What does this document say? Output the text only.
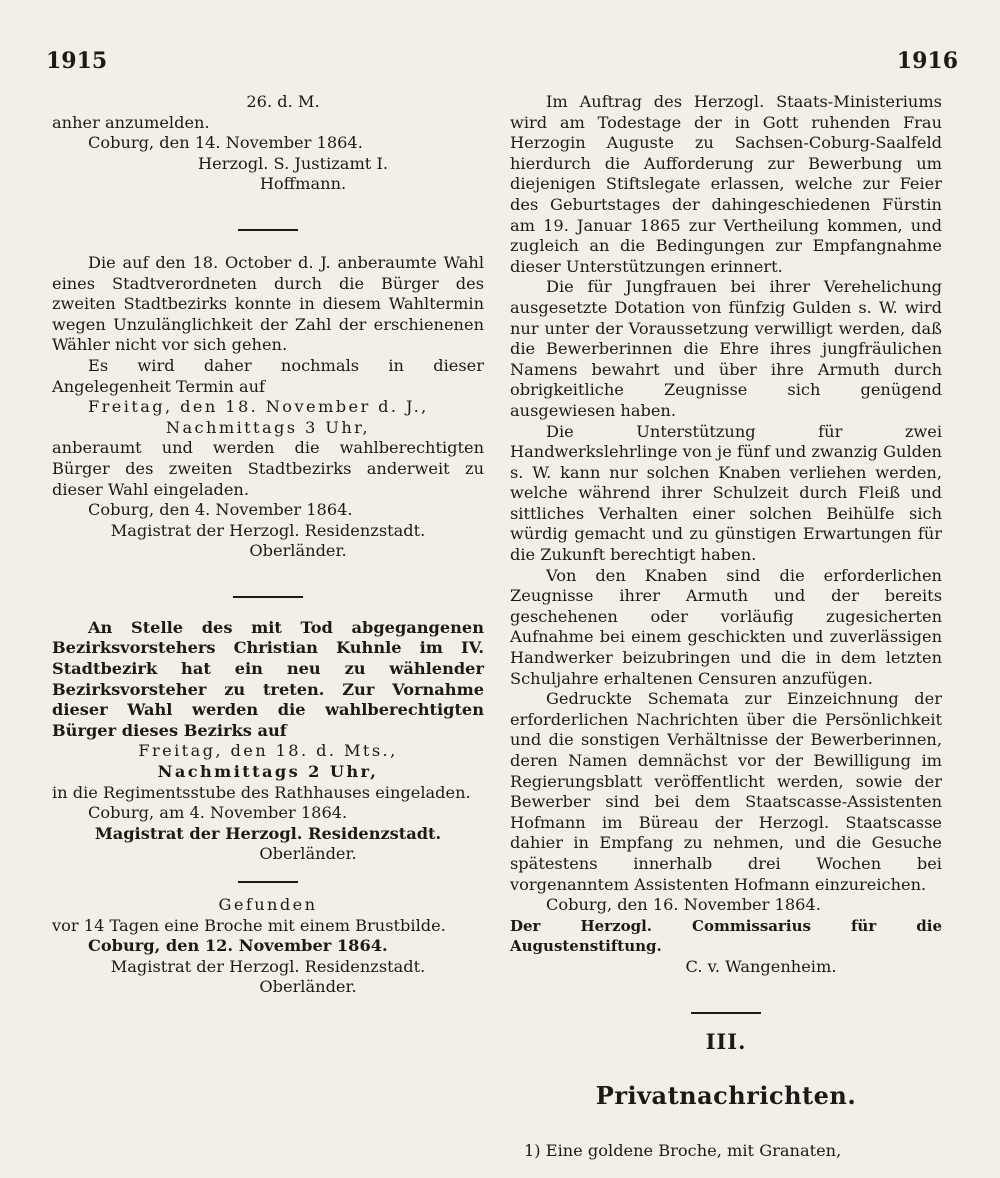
1915	1916

26. d. M.

anher anzumelden.

Coburg, den 14. November 1864.

Herzogl. S. Justizamt I.

Hoffmann.

Die auf den 18. October d. J. anberaumte Wahl eines Stadtverordneten durch die Bürger des zweiten Stadtbezirks konnte in diesem Wahltermin wegen Unzulänglichkeit der Zahl der erschienenen Wähler nicht vor sich gehen.

Es wird daher nochmals in dieser Angelegenheit Termin auf

Freitag, den 18. November d. J.,

Nachmittags 3 Uhr,

anberaumt und werden die wahlberechtigten Bürger des zweiten Stadtbezirks anderweit zu dieser Wahl eingeladen.

Coburg, den 4. November 1864.

Magistrat der Herzogl. Residenzstadt.

Oberländer.

An Stelle des mit Tod abgegangenen Bezirksvorstehers Christian Kuhnle im IV. Stadtbezirk hat ein neu zu wählender Bezirksvorsteher zu treten. Zur Vornahme dieser Wahl werden die wahlberechtigten Bürger dieses Bezirks auf

Freitag, den 18. d. Mts.,

Nachmittags 2 Uhr,

in die Regimentsstube des Rathhauses eingeladen.

Coburg, am 4. November 1864.

Magistrat der Herzogl. Residenzstadt.

Oberländer.

Gefunden

vor 14 Tagen eine Broche mit einem Brustbilde.

Coburg, den 12. November 1864.

Magistrat der Herzogl. Residenzstadt.

Oberländer.

Im Auftrag des Herzogl. Staats-Ministeriums wird am Todestage der in Gott ruhenden Frau Herzogin Auguste zu Sachsen-Coburg-Saalfeld hierdurch die Aufforderung zur Bewerbung um diejenigen Stiftslegate erlassen, welche zur Feier des Geburtstages der dahingeschiedenen Fürstin am 19. Januar 1865 zur Vertheilung kommen, und zugleich an die Bedingungen zur Empfangnahme dieser Unterstützungen erinnert.

Die für Jungfrauen bei ihrer Verehelichung ausgesetzte Dotation von fünfzig Gulden s. W. wird nur unter der Voraussetzung verwilligt werden, daß die Bewerberinnen die Ehre ihres jungfräulichen Namens bewahrt und über ihre Armuth durch obrigkeitliche Zeugnisse sich genügend ausgewiesen haben.

Die Unterstützung für zwei Handwerkslehrlinge von je fünf und zwanzig Gulden s. W. kann nur solchen Knaben verliehen werden, welche während ihrer Schulzeit durch Fleiß und sittliches Verhalten einer solchen Beihülfe sich würdig gemacht und zu günstigen Erwartungen für die Zukunft berechtigt haben.

Von den Knaben sind die erforderlichen Zeugnisse ihrer Armuth und der bereits geschehenen oder vorläufig zugesicherten Aufnahme bei einem geschickten und zuverlässigen Handwerker beizubringen und die in dem letzten Schuljahre erhaltenen Censuren anzufügen.

Gedruckte Schemata zur Einzeichnung der erforderlichen Nachrichten über die Persönlichkeit und die sonstigen Verhältnisse der Bewerberinnen, deren Namen demnächst vor der Bewilligung im Regierungsblatt veröffentlicht werden, sowie der Bewerber sind bei dem Staatscasse-Assistenten Hofmann im Büreau der Herzogl. Staatscasse dahier in Empfang zu nehmen, und die Gesuche spätestens innerhalb drei Wochen bei vorgenanntem Assistenten Hofmann einzureichen.

Coburg, den 16. November 1864.

Der Herzogl. Commissarius für die Augustenstiftung.

C. v. Wangenheim.

III.

Privatnachrichten.

1) Eine goldene Broche, mit Granaten,
